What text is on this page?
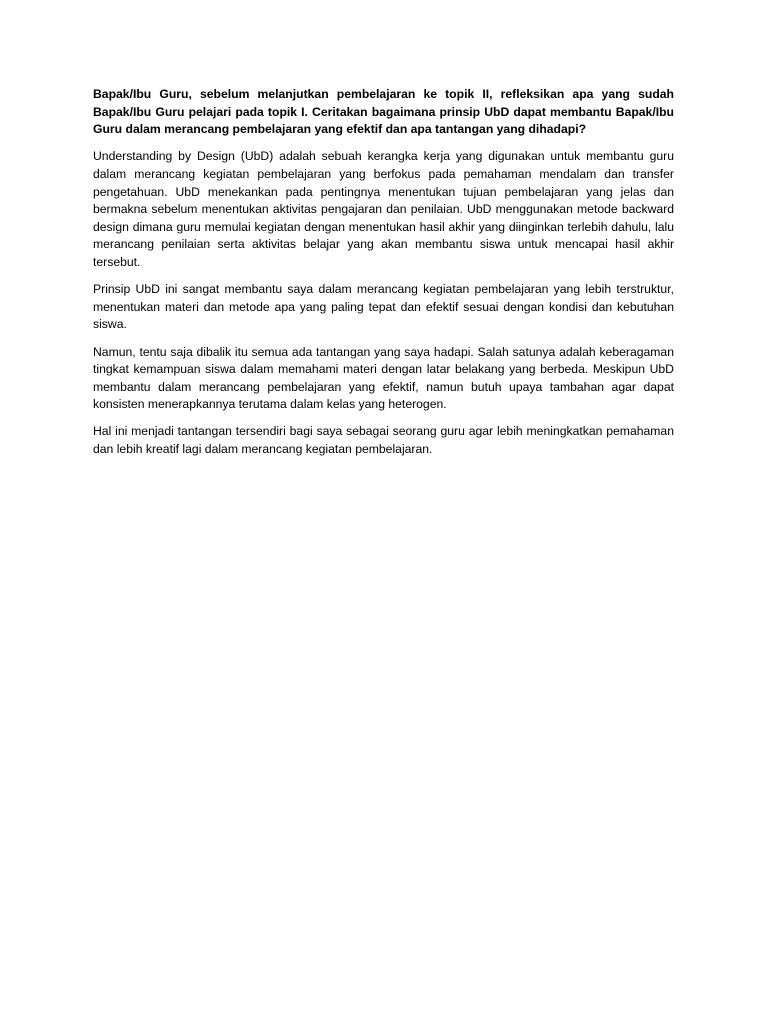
Bapak/Ibu Guru, sebelum melanjutkan pembelajaran ke topik II, refleksikan apa yang sudah Bapak/Ibu Guru pelajari pada topik I. Ceritakan bagaimana prinsip UbD dapat membantu Bapak/Ibu Guru dalam merancang pembelajaran yang efektif dan apa tantangan yang dihadapi?

Understanding by Design (UbD) adalah sebuah kerangka kerja yang digunakan untuk membantu guru dalam merancang kegiatan pembelajaran yang berfokus pada pemahaman mendalam dan transfer pengetahuan. UbD menekankan pada pentingnya menentukan tujuan pembelajaran yang jelas dan bermakna sebelum menentukan aktivitas pengajaran dan penilaian. UbD menggunakan metode backward design dimana guru memulai kegiatan dengan menentukan hasil akhir yang diinginkan terlebih dahulu, lalu merancang penilaian serta aktivitas belajar yang akan membantu siswa untuk mencapai hasil akhir tersebut.

Prinsip UbD ini sangat membantu saya dalam merancang kegiatan pembelajaran yang lebih terstruktur, menentukan materi dan metode apa yang paling tepat dan efektif sesuai dengan kondisi dan kebutuhan siswa.

Namun, tentu saja dibalik itu semua ada tantangan yang saya hadapi. Salah satunya adalah keberagaman tingkat kemampuan siswa dalam memahami materi dengan latar belakang yang berbeda. Meskipun UbD membantu dalam merancang pembelajaran yang efektif, namun butuh upaya tambahan agar dapat konsisten menerapkannya terutama dalam kelas yang heterogen.

Hal ini menjadi tantangan tersendiri bagi saya sebagai seorang guru agar lebih meningkatkan pemahaman dan lebih kreatif lagi dalam merancang kegiatan pembelajaran.
